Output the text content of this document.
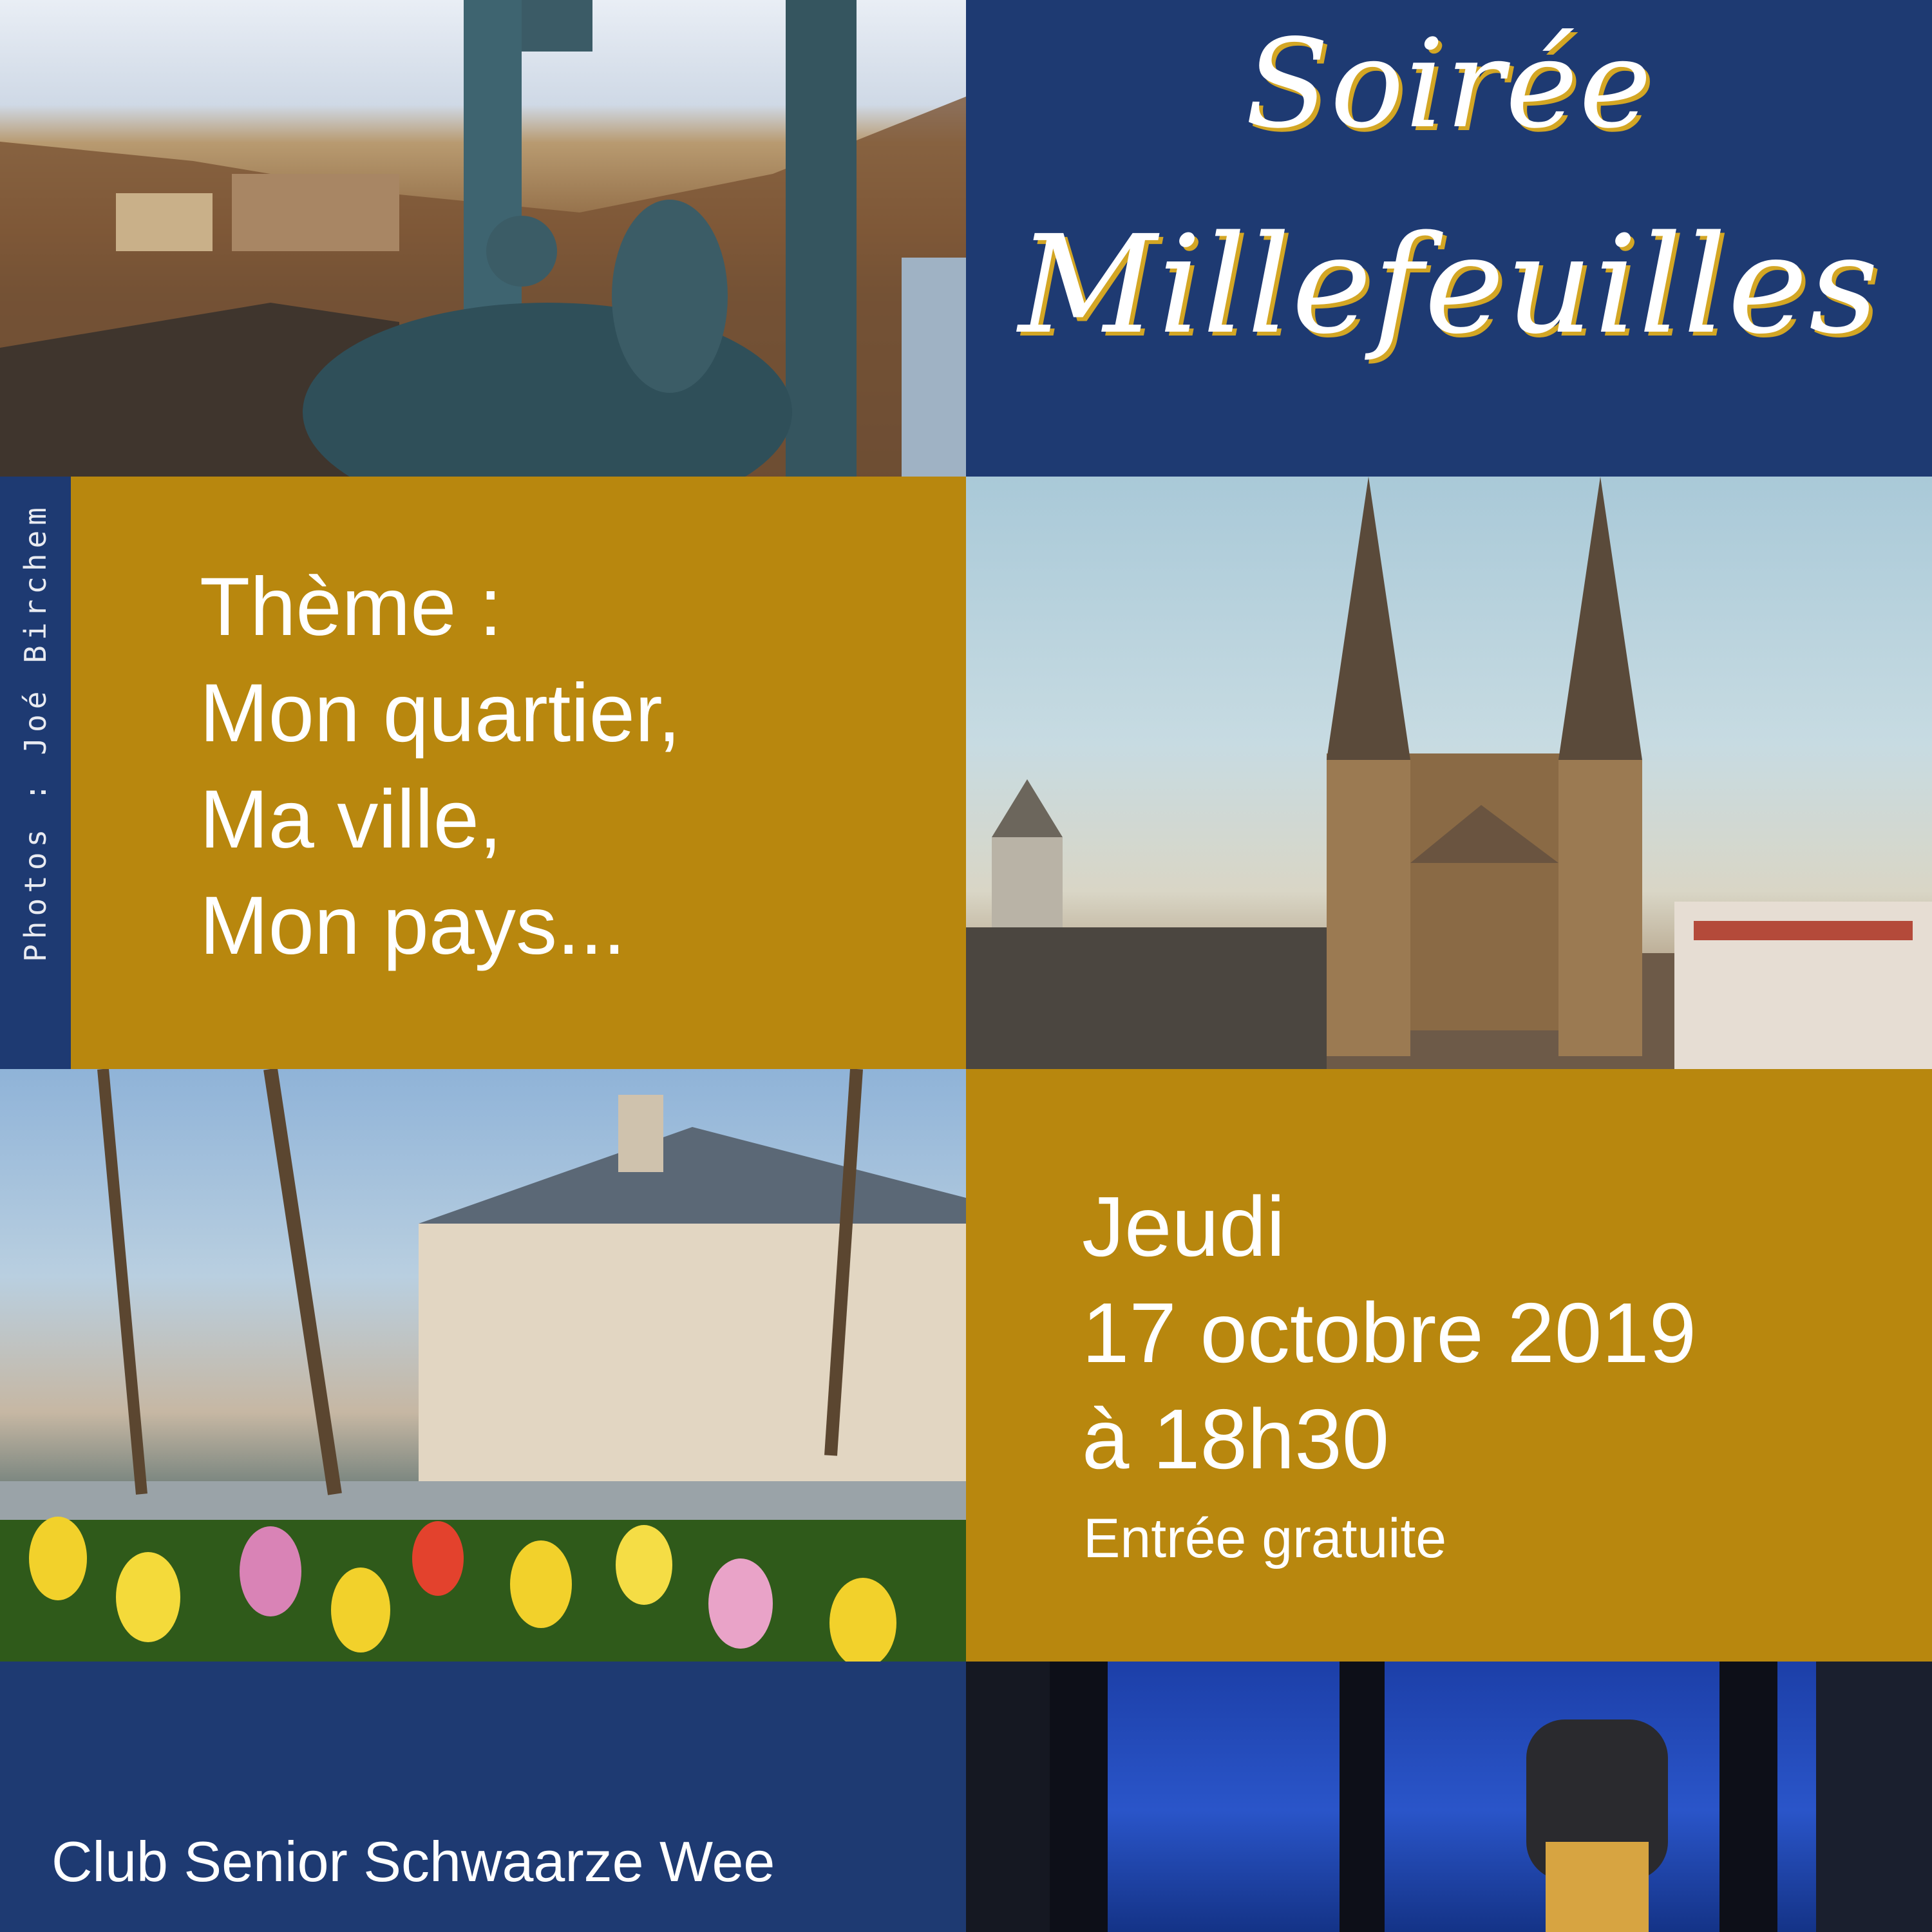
Soirée
Millefeuilles
Photos : Joé Birchem Thème :
Mon quartier,
Ma ville,
Mon pays...
Jeudi
17 octobre 2019
à 18h30
Entrée gratuite
Club Senior Schwaarze Wee
